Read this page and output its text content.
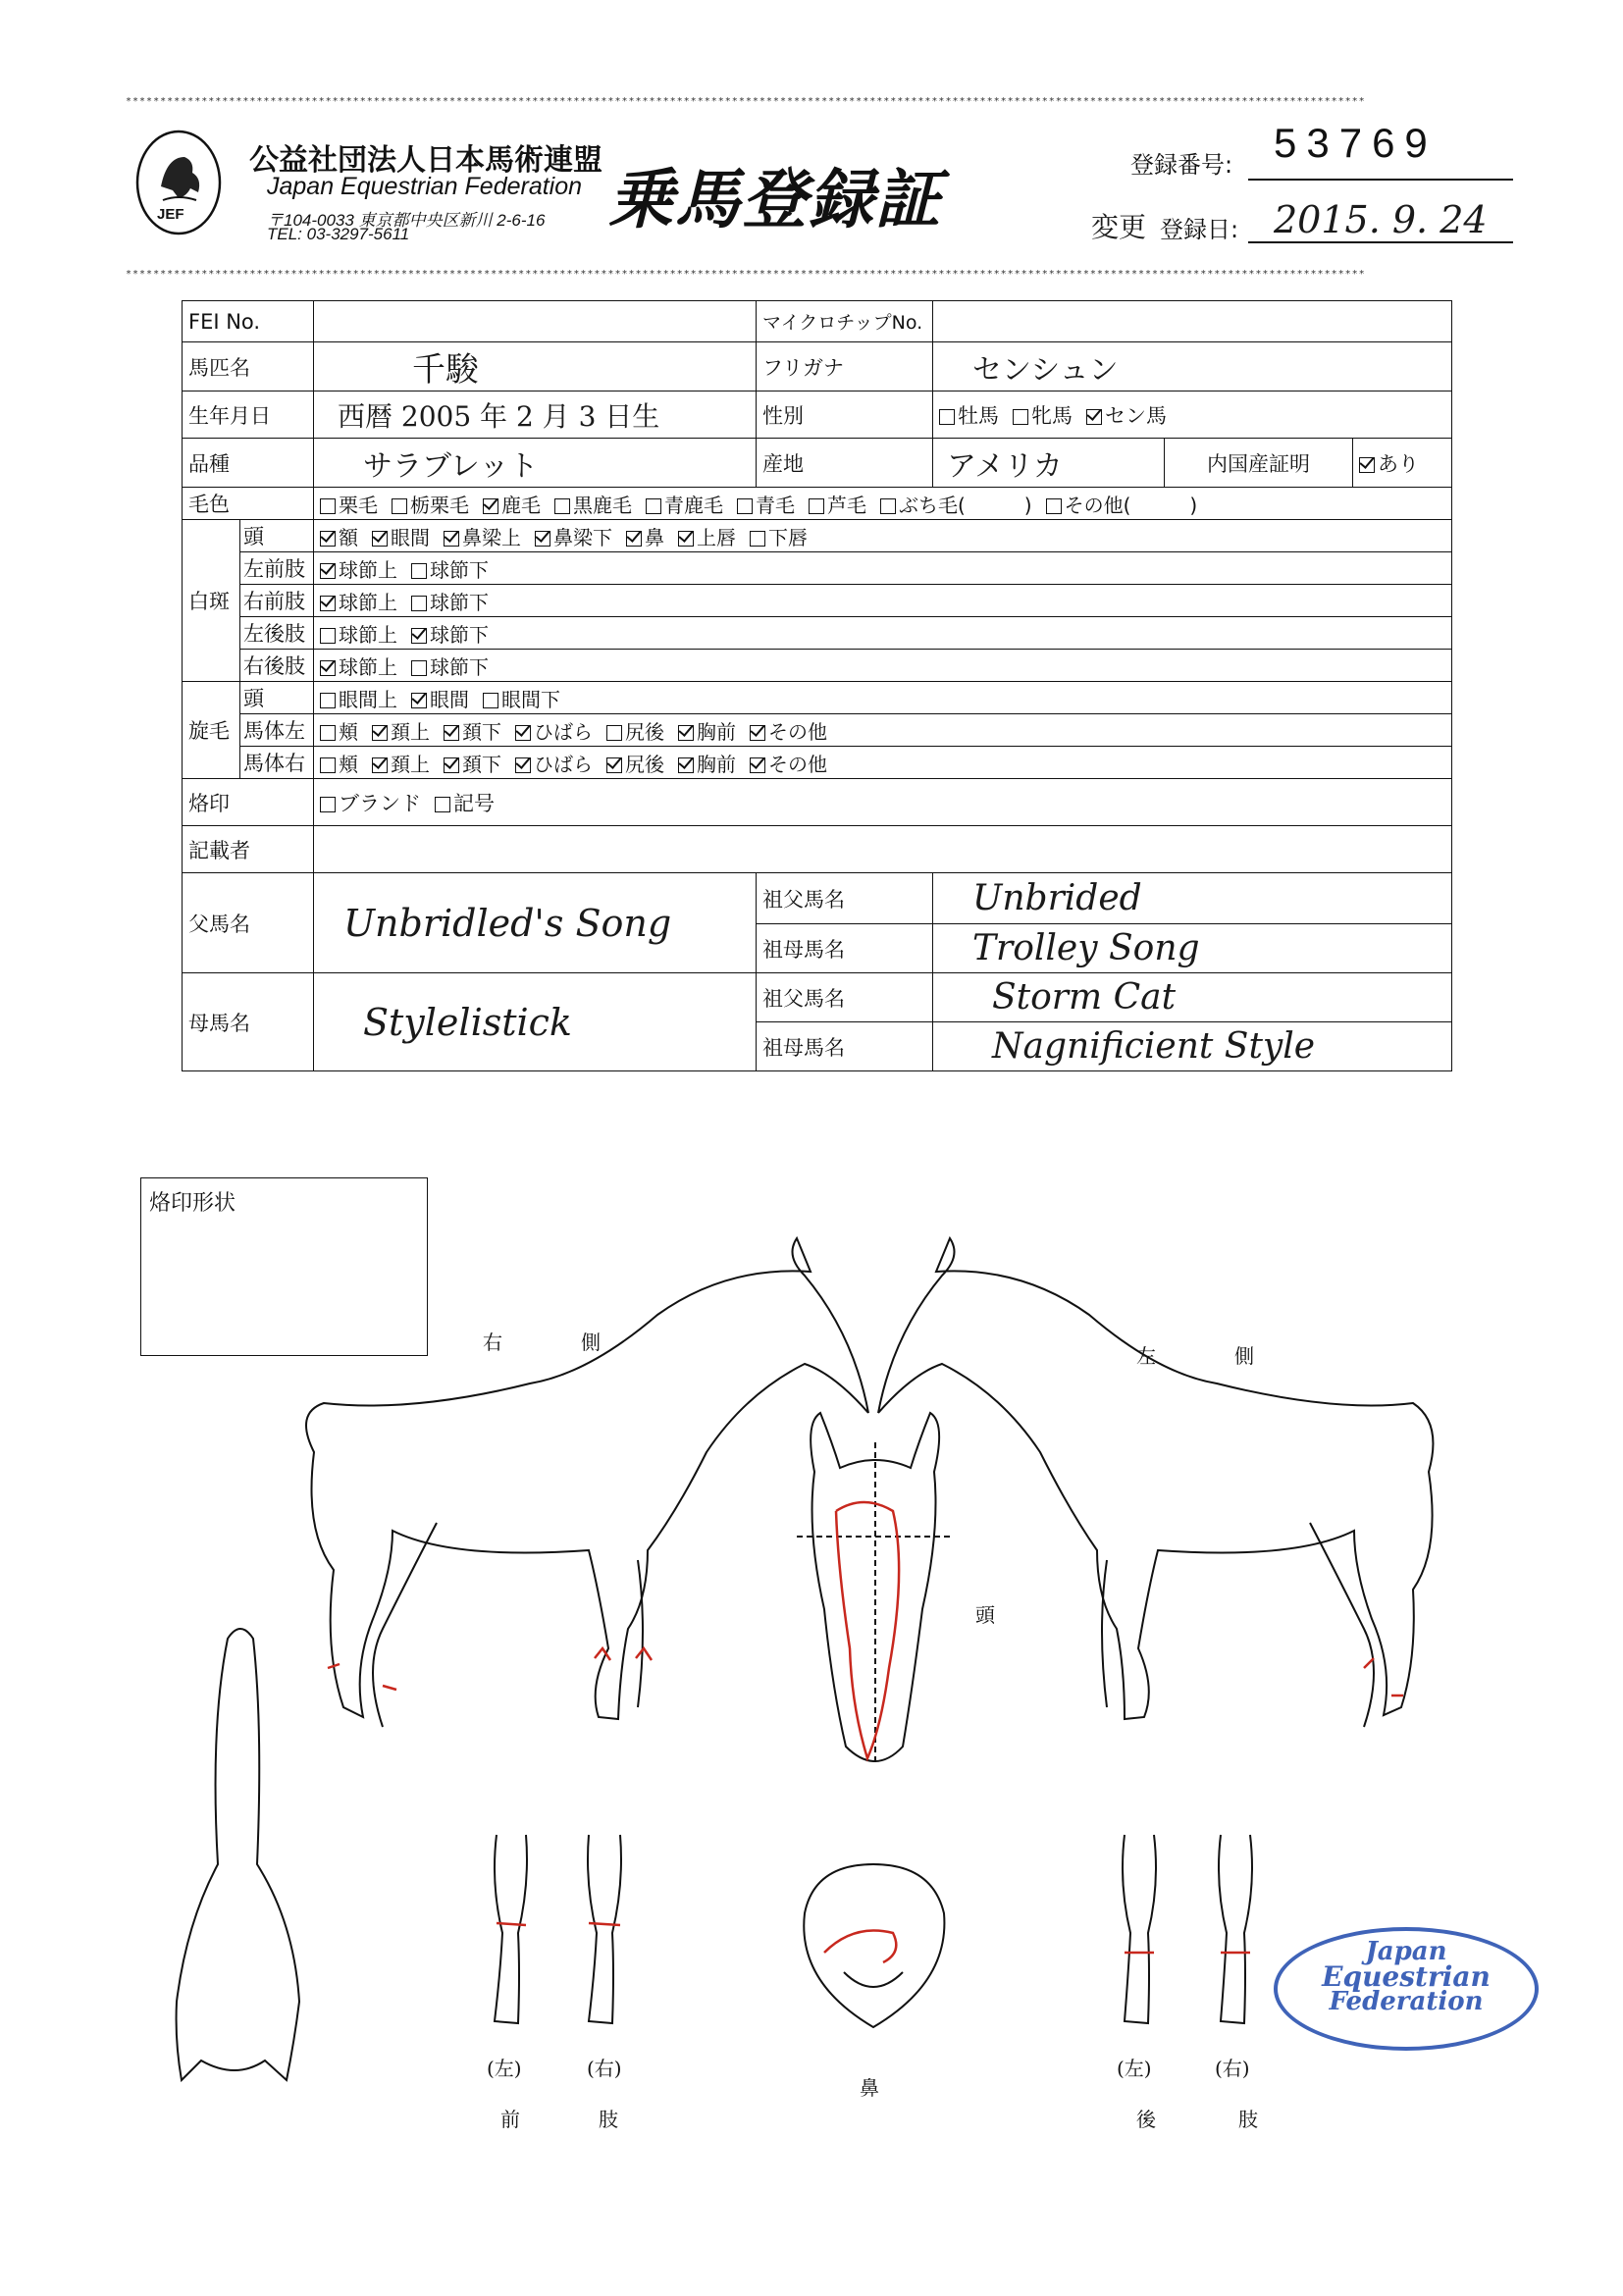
************************************************************************************************************************************************************************************
************************************************************************************************************************************************************************************
JEF
公益社団法人日本馬術連盟
Japan Equestrian Federation
〒104-0033 東京都中央区新川 2-6-16
TEL: 03-3297-5611	乗馬登録証	登録番号: 53769
変更 登録日: 2015. 9. 24
FEI No.			マイクロチップNo.			
馬匹名		千駿	フリガナ	センシュン		
生年月日		西暦 2005 年 2 月 3 日生	性別	牡馬 牝馬 セン馬		
品種		サラブレット	産地	アメリカ	内国産証明	あり
毛色		栗毛 栃栗毛 鹿毛 黒鹿毛 青鹿毛 青毛 芦毛 ぶち毛(　　　) その他(　　　)				
白斑	頭	額 眼間 鼻梁上 鼻梁下 鼻 上唇 下唇				
	左前肢	球節上 球節下				
	右前肢	球節上 球節下				
	左後肢	球節上 球節下				
	右後肢	球節上 球節下				
旋毛	頭	眼間上 眼間 眼間下				
	馬体左	頬 頚上 頚下 ひばら 尻後 胸前 その他				
	馬体右	頬 頚上 頚下 ひばら 尻後 胸前 その他				
烙印		ブランド 記号				
記載者						
父馬名		Unbridled's Song	祖父馬名	Unbrided		
			祖母馬名	Trolley Song		
母馬名		Stylelistick	祖父馬名	Storm Cat		
			祖母馬名	Nagnificient Style		
烙印形状
右　側
左　側
頭
鼻
(左)	(右)
前	肢
(左)	(右)
後	肢
Japan
Equestrian
Federation
